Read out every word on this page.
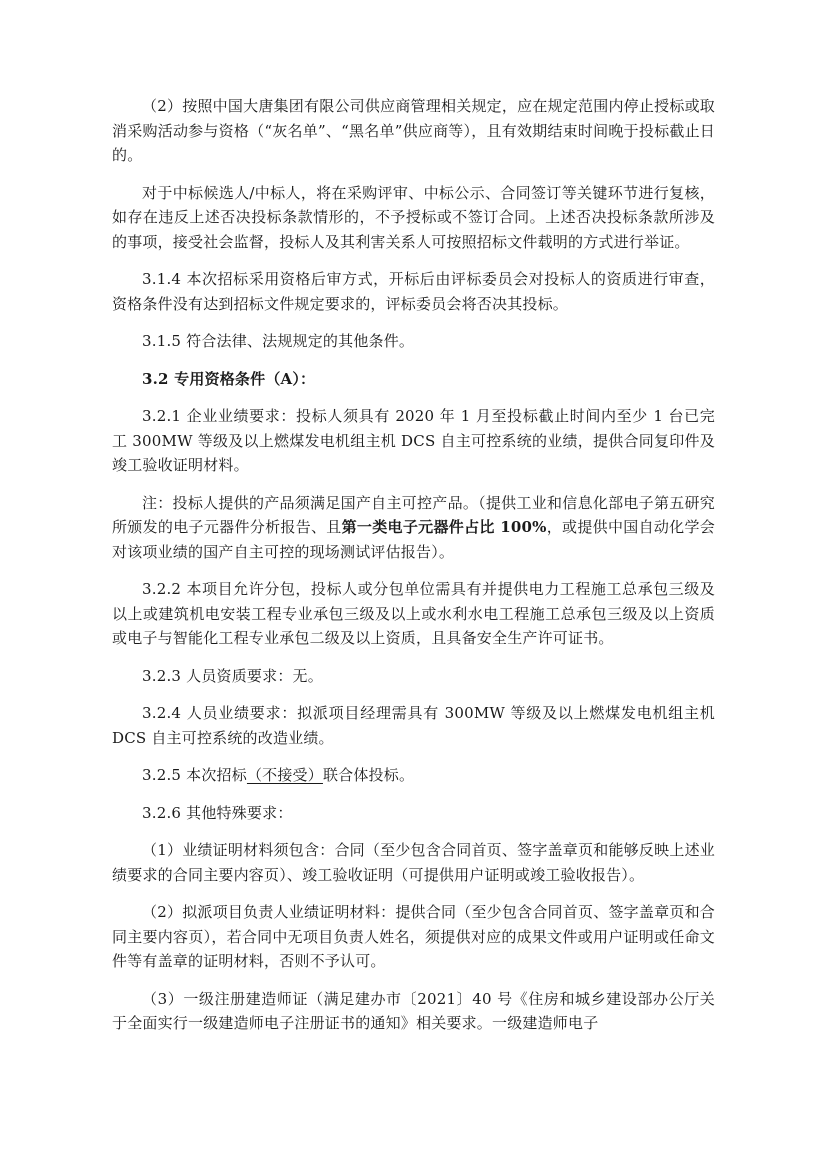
（2）按照中国大唐集团有限公司供应商管理相关规定，应在规定范围内停止授标或取消采购活动参与资格（“灰名单”、“黑名单”供应商等），且有效期结束时间晚于投标截止日的。

对于中标候选人/中标人，将在采购评审、中标公示、合同签订等关键环节进行复核，如存在违反上述否决投标条款情形的，不予授标或不签订合同。上述否决投标条款所涉及的事项，接受社会监督，投标人及其利害关系人可按照招标文件载明的方式进行举证。

3.1.4 本次招标采用资格后审方式，开标后由评标委员会对投标人的资质进行审查，资格条件没有达到招标文件规定要求的，评标委员会将否决其投标。

3.1.5 符合法律、法规规定的其他条件。

3.2 专用资格条件（A）：

3.2.1 企业业绩要求：投标人须具有 2020 年 1 月至投标截止时间内至少 1 台已完工 300MW 等级及以上燃煤发电机组主机 DCS 自主可控系统的业绩，提供合同复印件及竣工验收证明材料。

注：投标人提供的产品须满足国产自主可控产品。（提供工业和信息化部电子第五研究所颁发的电子元器件分析报告、且第一类电子元器件占比 100%，或提供中国自动化学会对该项业绩的国产自主可控的现场测试评估报告）。

3.2.2 本项目允许分包，投标人或分包单位需具有并提供电力工程施工总承包三级及以上或建筑机电安装工程专业承包三级及以上或水利水电工程施工总承包三级及以上资质或电子与智能化工程专业承包二级及以上资质，且具备安全生产许可证书。

3.2.3 人员资质要求：无。

3.2.4 人员业绩要求：拟派项目经理需具有 300MW 等级及以上燃煤发电机组主机 DCS 自主可控系统的改造业绩。

3.2.5 本次招标（不接受）联合体投标。

3.2.6 其他特殊要求：

（1）业绩证明材料须包含：合同（至少包含合同首页、签字盖章页和能够反映上述业绩要求的合同主要内容页）、竣工验收证明（可提供用户证明或竣工验收报告）。

（2）拟派项目负责人业绩证明材料：提供合同（至少包含合同首页、签字盖章页和合同主要内容页），若合同中无项目负责人姓名，须提供对应的成果文件或用户证明或任命文件等有盖章的证明材料，否则不予认可。

（3）一级注册建造师证（满足建办市〔2021〕40 号《住房和城乡建设部办公厅关于全面实行一级建造师电子注册证书的通知》相关要求。一级建造师电子
